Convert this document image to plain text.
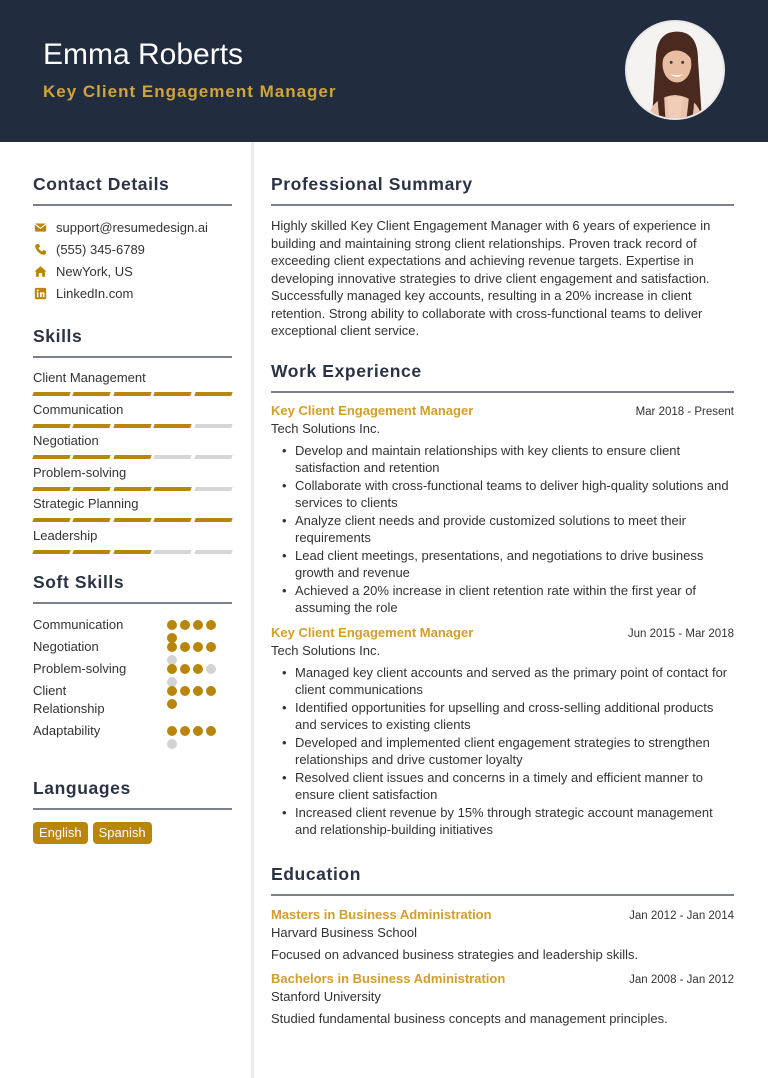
Emma Roberts
Key Client Engagement Manager
Contact Details
support@resumedesign.ai
(555) 345-6789
NewYork, US
LinkedIn.com
Skills
Client Management
Communication
Negotiation
Problem-solving
Strategic Planning
Leadership
Soft Skills
Communication
Negotiation
Problem-solving
Client Relationship
Adaptability
Languages
English	Spanish
Professional Summary
Highly skilled Key Client Engagement Manager with 6 years of experience in building and maintaining strong client relationships. Proven track record of exceeding client expectations and achieving revenue targets. Expertise in developing innovative strategies to drive client engagement and satisfaction. Successfully managed key accounts, resulting in a 20% increase in client retention. Strong ability to collaborate with cross-functional teams to deliver exceptional client service.
Work Experience
Key Client Engagement Manager	Mar 2018 - Present
Tech Solutions Inc.
• Develop and maintain relationships with key clients to ensure client satisfaction and retention
• Collaborate with cross-functional teams to deliver high-quality solutions and services to clients
• Analyze client needs and provide customized solutions to meet their requirements
• Lead client meetings, presentations, and negotiations to drive business growth and revenue
• Achieved a 20% increase in client retention rate within the first year of assuming the role
Key Client Engagement Manager	Jun 2015 - Mar 2018
Tech Solutions Inc.
• Managed key client accounts and served as the primary point of contact for client communications
• Identified opportunities for upselling and cross-selling additional products and services to existing clients
• Developed and implemented client engagement strategies to strengthen relationships and drive customer loyalty
• Resolved client issues and concerns in a timely and efficient manner to ensure client satisfaction
• Increased client revenue by 15% through strategic account management and relationship-building initiatives
Education
Masters in Business Administration	Jan 2012 - Jan 2014
Harvard Business School
Focused on advanced business strategies and leadership skills.
Bachelors in Business Administration	Jan 2008 - Jan 2012
Stanford University
Studied fundamental business concepts and management principles.
